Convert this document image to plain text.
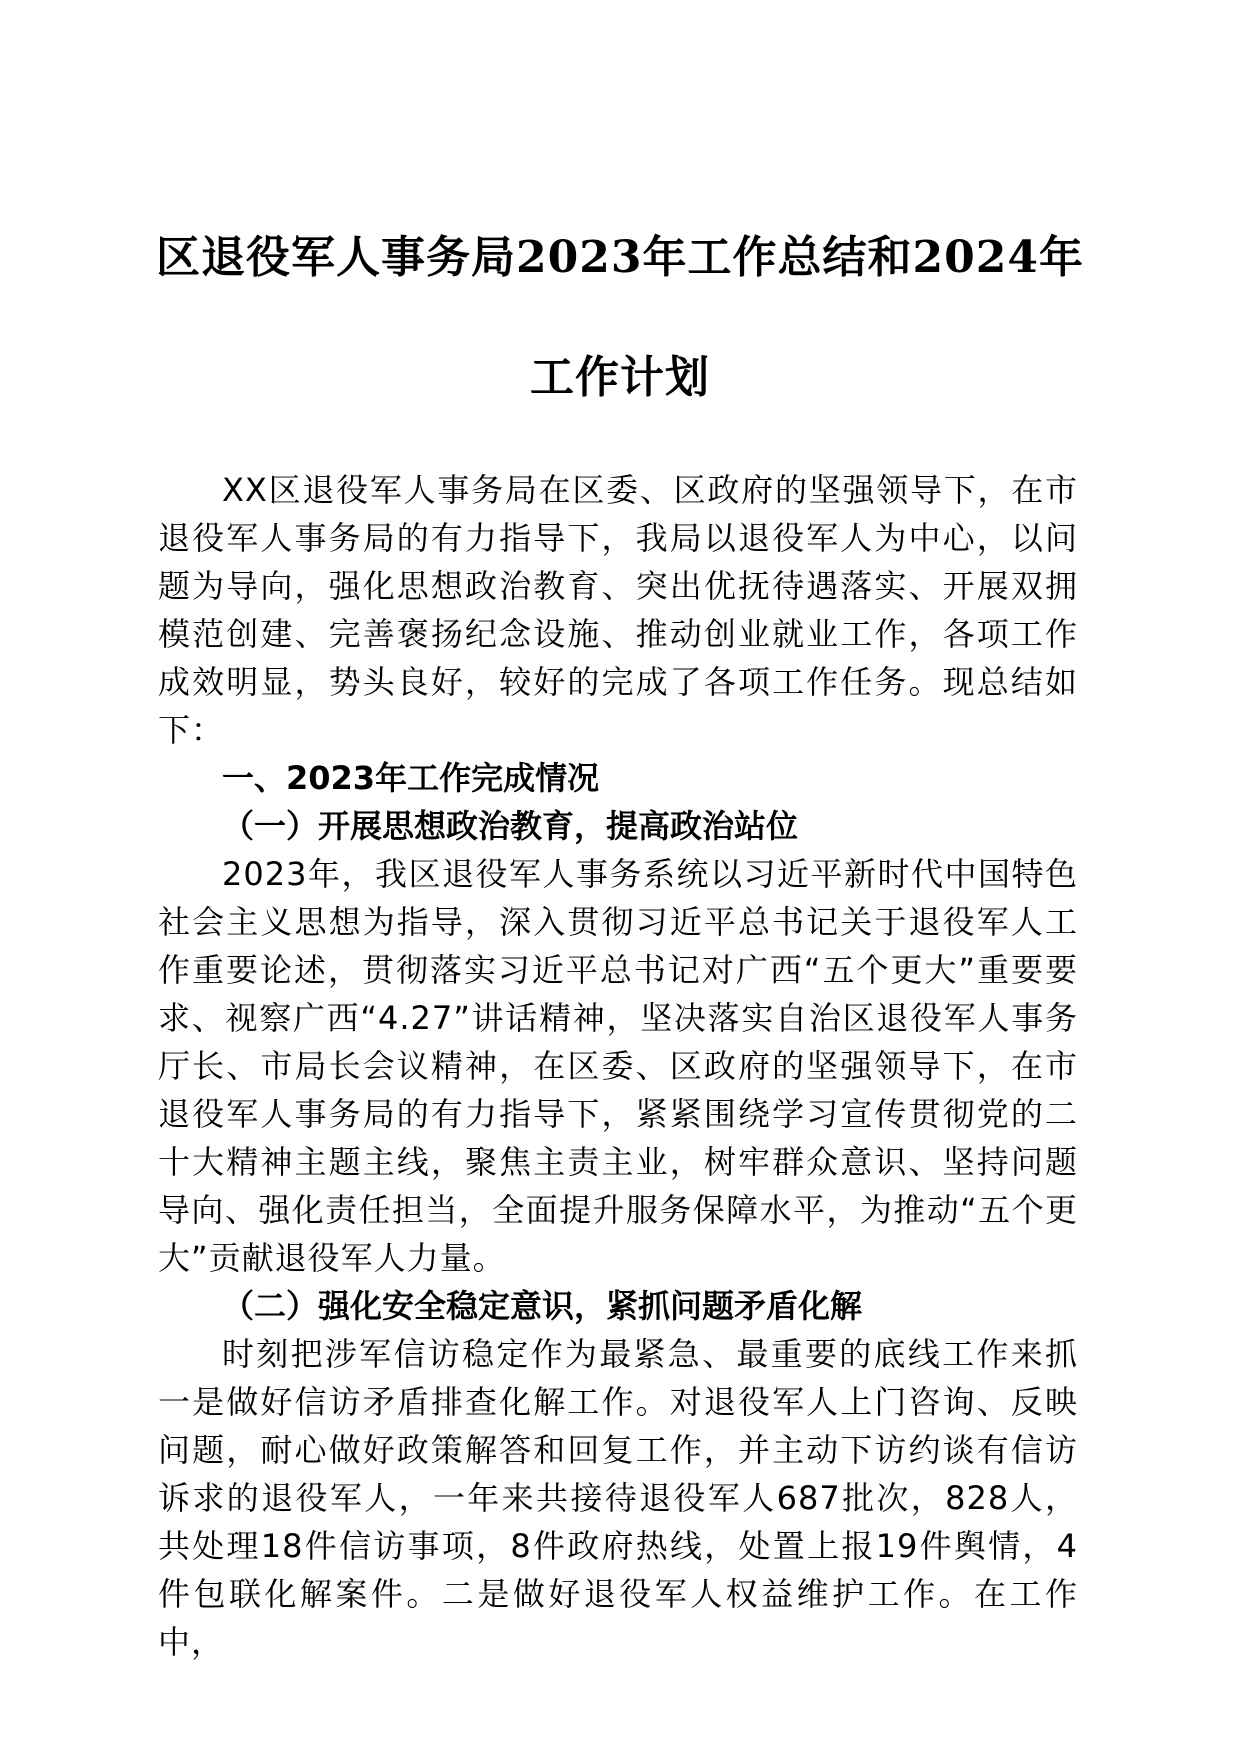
区退役军人事务局2023年工作总结和2024年
工作计划

XX区退役军人事务局在区委、区政府的坚强领导下，在市退役军人事务局的有力指导下，我局以退役军人为中心，以问题为导向，强化思想政治教育、突出优抚待遇落实、开展双拥模范创建、完善褒扬纪念设施、推动创业就业工作，各项工作成效明显，势头良好，较好的完成了各项工作任务。现总结如下：

一、2023年工作完成情况

（一）开展思想政治教育，提高政治站位

2023年，我区退役军人事务系统以习近平新时代中国特色社会主义思想为指导，深入贯彻习近平总书记关于退役军人工作重要论述，贯彻落实习近平总书记对广西“五个更大”重要要求、视察广西“4.27”讲话精神，坚决落实自治区退役军人事务厅长、市局长会议精神，在区委、区政府的坚强领导下，在市退役军人事务局的有力指导下，紧紧围绕学习宣传贯彻党的二十大精神主题主线，聚焦主责主业，树牢群众意识、坚持问题导向、强化责任担当，全面提升服务保障水平，为推动“五个更大”贡献退役军人力量。

（二）强化安全稳定意识，紧抓问题矛盾化解

时刻把涉军信访稳定作为最紧急、最重要的底线工作来抓一是做好信访矛盾排查化解工作。对退役军人上门咨询、反映问题，耐心做好政策解答和回复工作，并主动下访约谈有信访诉求的退役军人，一年来共接待退役军人687批次，828人，共处理18件信访事项，8件政府热线，处置上报19件舆情，4件包联化解案件。二是做好退役军人权益维护工作。在工作中，
